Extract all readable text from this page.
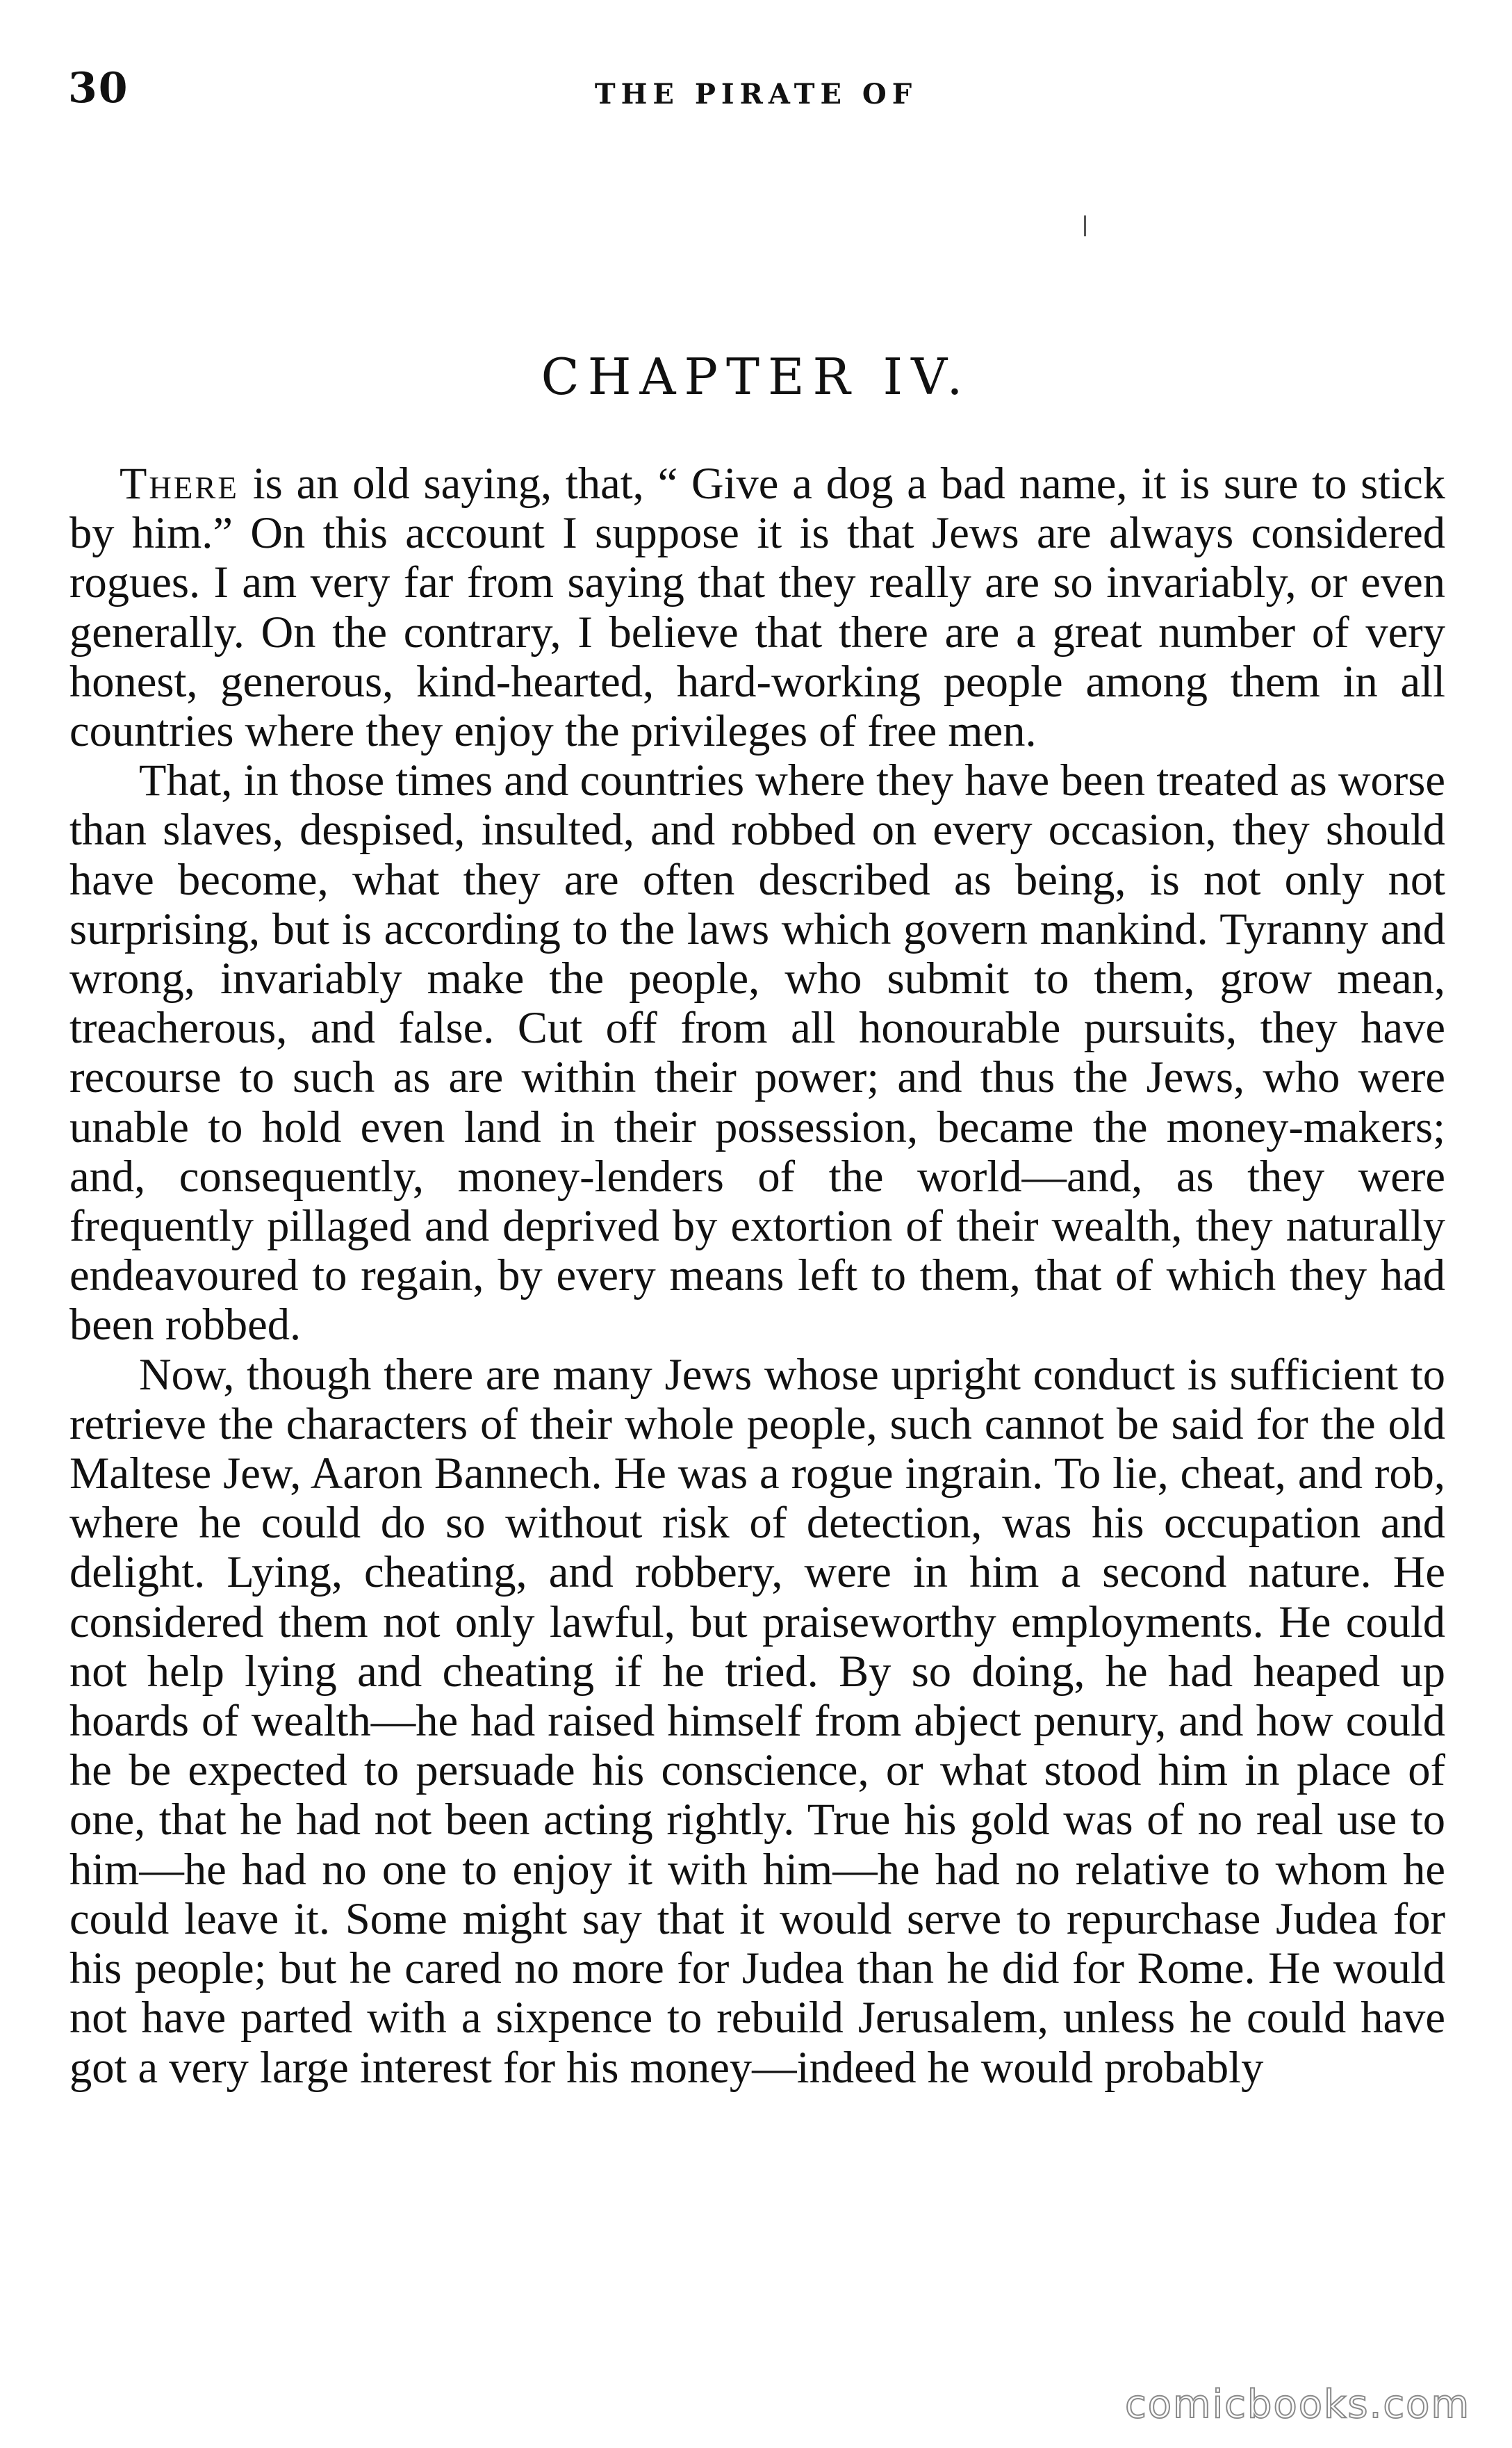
30	THE PIRATE OF
CHAPTER IV.

There is an old saying, that, “ Give a dog a bad name, it is sure to stick by him.” On this account I suppose it is that Jews are always considered rogues. I am very far from saying that they really are so invariably, or even generally. On the contrary, I believe that there are a great number of very honest, generous, kind-hearted, hard-working people among them in all countries where they enjoy the privileges of free men.

That, in those times and countries where they have been treated as worse than slaves, despised, insulted, and robbed on every occasion, they should have become, what they are often described as being, is not only not surprising, but is according to the laws which govern mankind. Tyranny and wrong, invariably make the people, who submit to them, grow mean, treacherous, and false. Cut off from all honourable pursuits, they have recourse to such as are within their power; and thus the Jews, who were unable to hold even land in their possession, became the money-makers; and, consequently, money-lenders of the world—and, as they were frequently pillaged and deprived by extortion of their wealth, they naturally endeavoured to regain, by every means left to them, that of which they had been robbed.

Now, though there are many Jews whose upright conduct is sufficient to retrieve the characters of their whole people, such cannot be said for the old Maltese Jew, Aaron Bannech. He was a rogue ingrain. To lie, cheat, and rob, where he could do so without risk of detection, was his occupation and delight. Lying, cheating, and robbery, were in him a second nature. He considered them not only lawful, but praiseworthy employments. He could not help lying and cheating if he tried. By so doing, he had heaped up hoards of wealth—he had raised himself from abject penury, and how could he be expected to persuade his conscience, or what stood him in place of one, that he had not been acting rightly. True his gold was of no real use to him—he had no one to enjoy it with him—he had no relative to whom he could leave it. Some might say that it would serve to repurchase Judea for his people; but he cared no more for Judea than he did for Rome. He would not have parted with a sixpence to rebuild Jerusalem, unless he could have got a very large interest for his money—indeed he would probably

comicbooks.com
